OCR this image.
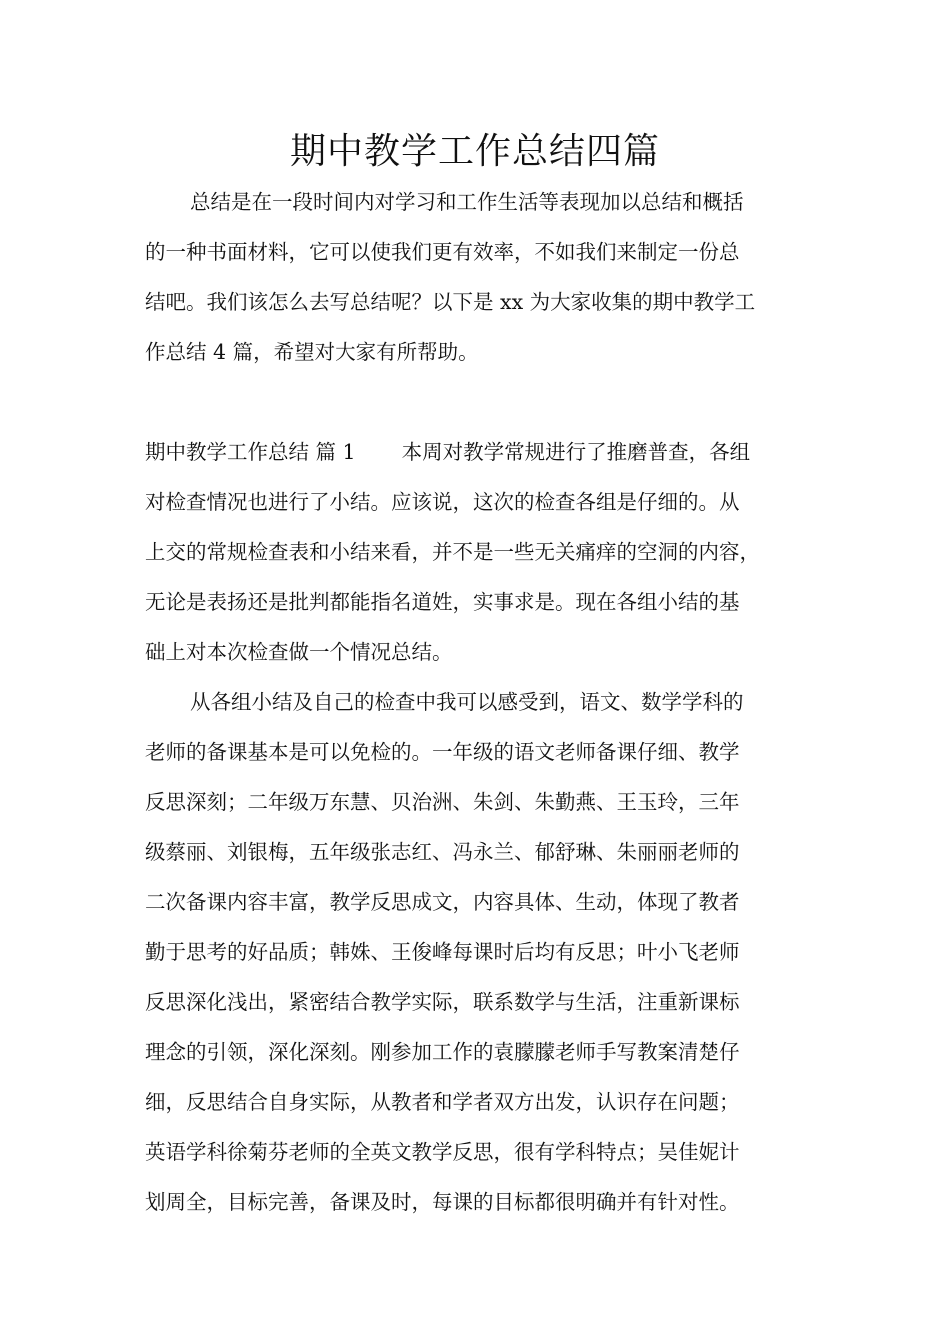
期中教学工作总结四篇
总结是在一段时间内对学习和工作生活等表现加以总结和概括
的一种书面材料，它可以使我们更有效率，不如我们来制定一份总
结吧。我们该怎么去写总结呢？以下是 xx 为大家收集的期中教学工
作总结 4 篇，希望对大家有所帮助。
期中教学工作总结 篇 1 本周对教学常规进行了推磨普查，各组
对检查情况也进行了小结。应该说，这次的检查各组是仔细的。从
上交的常规检查表和小结来看，并不是一些无关痛痒的空洞的内容，
无论是表扬还是批判都能指名道姓，实事求是。现在各组小结的基
础上对本次检查做一个情况总结。
从各组小结及自己的检查中我可以感受到，语文、数学学科的
老师的备课基本是可以免检的。一年级的语文老师备课仔细、教学
反思深刻；二年级万东慧、贝治洲、朱剑、朱勤燕、王玉玲，三年
级蔡丽、刘银梅，五年级张志红、冯永兰、郁舒琳、朱丽丽老师的
二次备课内容丰富，教学反思成文，内容具体、生动，体现了教者
勤于思考的好品质；韩姝、王俊峰每课时后均有反思；叶小飞老师
反思深化浅出，紧密结合教学实际，联系数学与生活，注重新课标
理念的引领，深化深刻。刚参加工作的袁朦朦老师手写教案清楚仔
细，反思结合自身实际，从教者和学者双方出发，认识存在问题；
英语学科徐菊芬老师的全英文教学反思，很有学科特点；吴佳妮计
划周全，目标完善，备课及时，每课的目标都很明确并有针对性。
